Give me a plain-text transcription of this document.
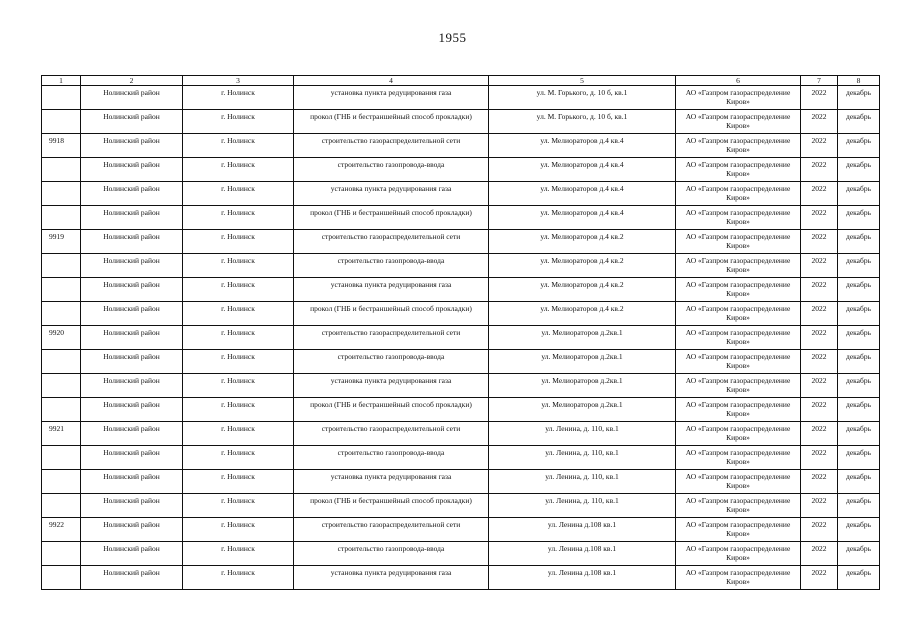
1955
1	2	3	4	5	6	7	8
	Нолинский район	г. Нолинск	установка пункта редуцирования газа	ул. М. Горького, д. 10 б, кв.1	АО «Газпром газораспределение Киров»	2022	декабрь
	Нолинский район	г. Нолинск	прокол (ГНБ и бестраншейный способ прокладки)	ул. М. Горького, д. 10 б, кв.1	АО «Газпром газораспределение Киров»	2022	декабрь
9918	Нолинский район	г. Нолинск	строительство газораспределительной сети	ул. Мелиораторов д.4 кв.4	АО «Газпром газораспределение Киров»	2022	декабрь
	Нолинский район	г. Нолинск	строительство газопровода-ввода	ул. Мелиораторов д.4 кв.4	АО «Газпром газораспределение Киров»	2022	декабрь
	Нолинский район	г. Нолинск	установка пункта редуцирования газа	ул. Мелиораторов д.4 кв.4	АО «Газпром газораспределение Киров»	2022	декабрь
	Нолинский район	г. Нолинск	прокол (ГНБ и бестраншейный способ прокладки)	ул. Мелиораторов д.4 кв.4	АО «Газпром газораспределение Киров»	2022	декабрь
9919	Нолинский район	г. Нолинск	строительство газораспределительной сети	ул. Мелиораторов д.4 кв.2	АО «Газпром газораспределение Киров»	2022	декабрь
	Нолинский район	г. Нолинск	строительство газопровода-ввода	ул. Мелиораторов д.4 кв.2	АО «Газпром газораспределение Киров»	2022	декабрь
	Нолинский район	г. Нолинск	установка пункта редуцирования газа	ул. Мелиораторов д.4 кв.2	АО «Газпром газораспределение Киров»	2022	декабрь
	Нолинский район	г. Нолинск	прокол (ГНБ и бестраншейный способ прокладки)	ул. Мелиораторов д.4 кв.2	АО «Газпром газораспределение Киров»	2022	декабрь
9920	Нолинский район	г. Нолинск	строительство газораспределительной сети	ул. Мелиораторов д.2кв.1	АО «Газпром газораспределение Киров»	2022	декабрь
	Нолинский район	г. Нолинск	строительство газопровода-ввода	ул. Мелиораторов д.2кв.1	АО «Газпром газораспределение Киров»	2022	декабрь
	Нолинский район	г. Нолинск	установка пункта редуцирования газа	ул. Мелиораторов д.2кв.1	АО «Газпром газораспределение Киров»	2022	декабрь
	Нолинский район	г. Нолинск	прокол (ГНБ и бестраншейный способ прокладки)	ул. Мелиораторов д.2кв.1	АО «Газпром газораспределение Киров»	2022	декабрь
9921	Нолинский район	г. Нолинск	строительство газораспределительной сети	ул. Ленина, д. 110, кв.1	АО «Газпром газораспределение Киров»	2022	декабрь
	Нолинский район	г. Нолинск	строительство газопровода-ввода	ул. Ленина, д. 110, кв.1	АО «Газпром газораспределение Киров»	2022	декабрь
	Нолинский район	г. Нолинск	установка пункта редуцирования газа	ул. Ленина, д. 110, кв.1	АО «Газпром газораспределение Киров»	2022	декабрь
	Нолинский район	г. Нолинск	прокол (ГНБ и бестраншейный способ прокладки)	ул. Ленина, д. 110, кв.1	АО «Газпром газораспределение Киров»	2022	декабрь
9922	Нолинский район	г. Нолинск	строительство газораспределительной сети	ул. Ленина д.108 кв.1	АО «Газпром газораспределение Киров»	2022	декабрь
	Нолинский район	г. Нолинск	строительство газопровода-ввода	ул. Ленина д.108 кв.1	АО «Газпром газораспределение Киров»	2022	декабрь
	Нолинский район	г. Нолинск	установка пункта редуцирования газа	ул. Ленина д.108 кв.1	АО «Газпром газораспределение Киров»	2022	декабрь
